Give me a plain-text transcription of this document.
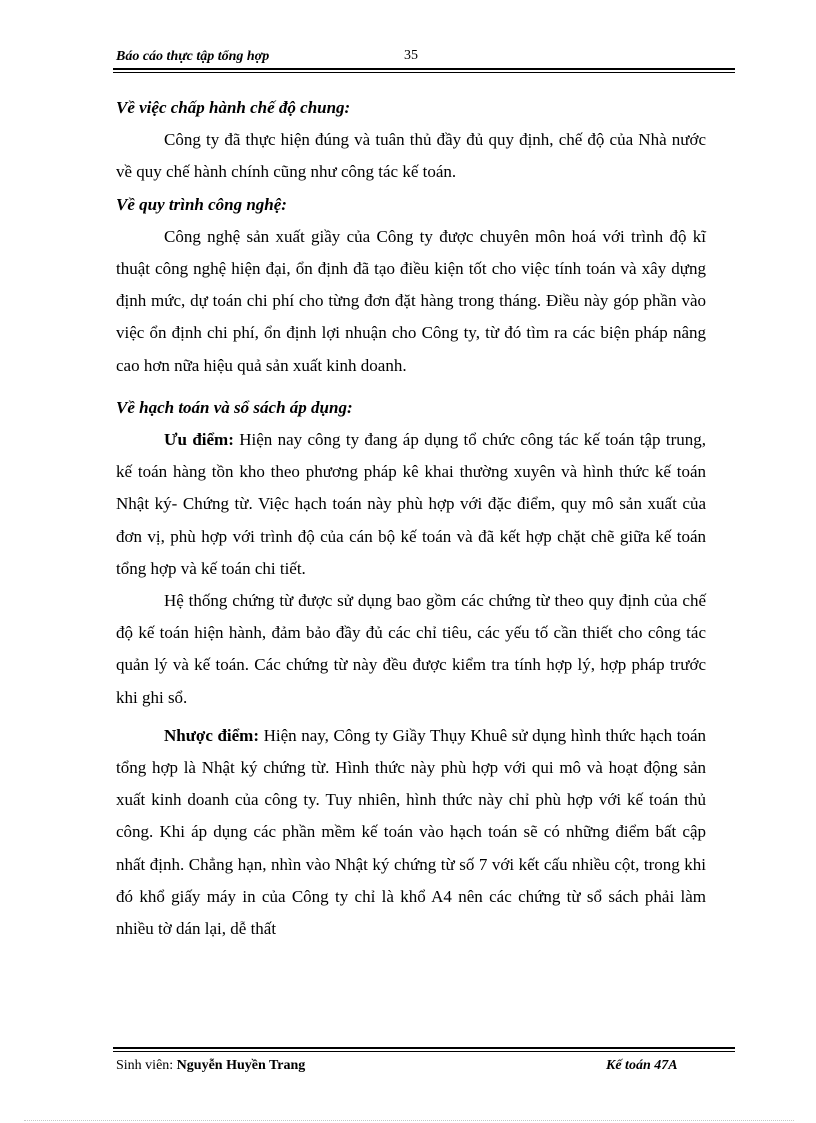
Báo cáo thực tập tổng hợp	35
Về việc chấp hành chế độ chung:

Công ty đã thực hiện đúng và tuân thủ đầy đủ quy định, chế độ của Nhà nước về quy chế hành chính cũng như công tác kế toán.

Về quy trình công nghệ:

Công nghệ sản xuất giầy của Công ty được chuyên môn hoá với trình độ kĩ thuật công nghệ hiện đại, ổn định đã tạo điều kiện tốt cho việc tính toán và xây dựng định mức, dự toán chi phí cho từng đơn đặt hàng trong tháng. Điều này góp phần vào việc ổn định chi phí, ổn định lợi nhuận cho Công ty, từ đó tìm ra các biện pháp nâng cao hơn nữa hiệu quả sản xuất kinh doanh.

Về hạch toán và sổ sách áp dụng:

Ưu điểm: Hiện nay công ty đang áp dụng tổ chức công tác kế toán tập trung, kế toán hàng tồn kho theo phương pháp kê khai thường xuyên và hình thức kế toán Nhật ký- Chứng từ. Việc hạch toán này phù hợp với đặc điểm, quy mô sản xuất của đơn vị, phù hợp với trình độ của cán bộ kế toán và đã kết hợp chặt chẽ giữa kế toán tổng hợp và kế toán chi tiết.

Hệ thống chứng từ được sử dụng bao gồm các chứng từ theo quy định của chế độ kế toán hiện hành, đảm bảo đầy đủ các chỉ tiêu, các yếu tố cần thiết cho công tác quản lý và kế toán. Các chứng từ này đều được kiểm tra tính hợp lý, hợp pháp trước khi ghi sổ.

Nhược điểm: Hiện nay, Công ty Giầy Thụy Khuê sử dụng hình thức hạch toán tổng hợp là Nhật ký chứng từ. Hình thức này phù hợp với qui mô và hoạt động sản xuất kinh doanh của công ty. Tuy nhiên, hình thức này chỉ phù hợp với kế toán thủ công. Khi áp dụng các phần mềm kế toán vào hạch toán sẽ có những điểm bất cập nhất định. Chẳng hạn, nhìn vào Nhật ký chứng từ số 7 với kết cấu nhiều cột, trong khi đó khổ giấy máy in của Công ty chỉ là khổ A4 nên các chứng từ sổ sách phải làm nhiều tờ dán lại, dễ thất

Sinh viên: Nguyễn Huyền Trang	Kế toán 47A
